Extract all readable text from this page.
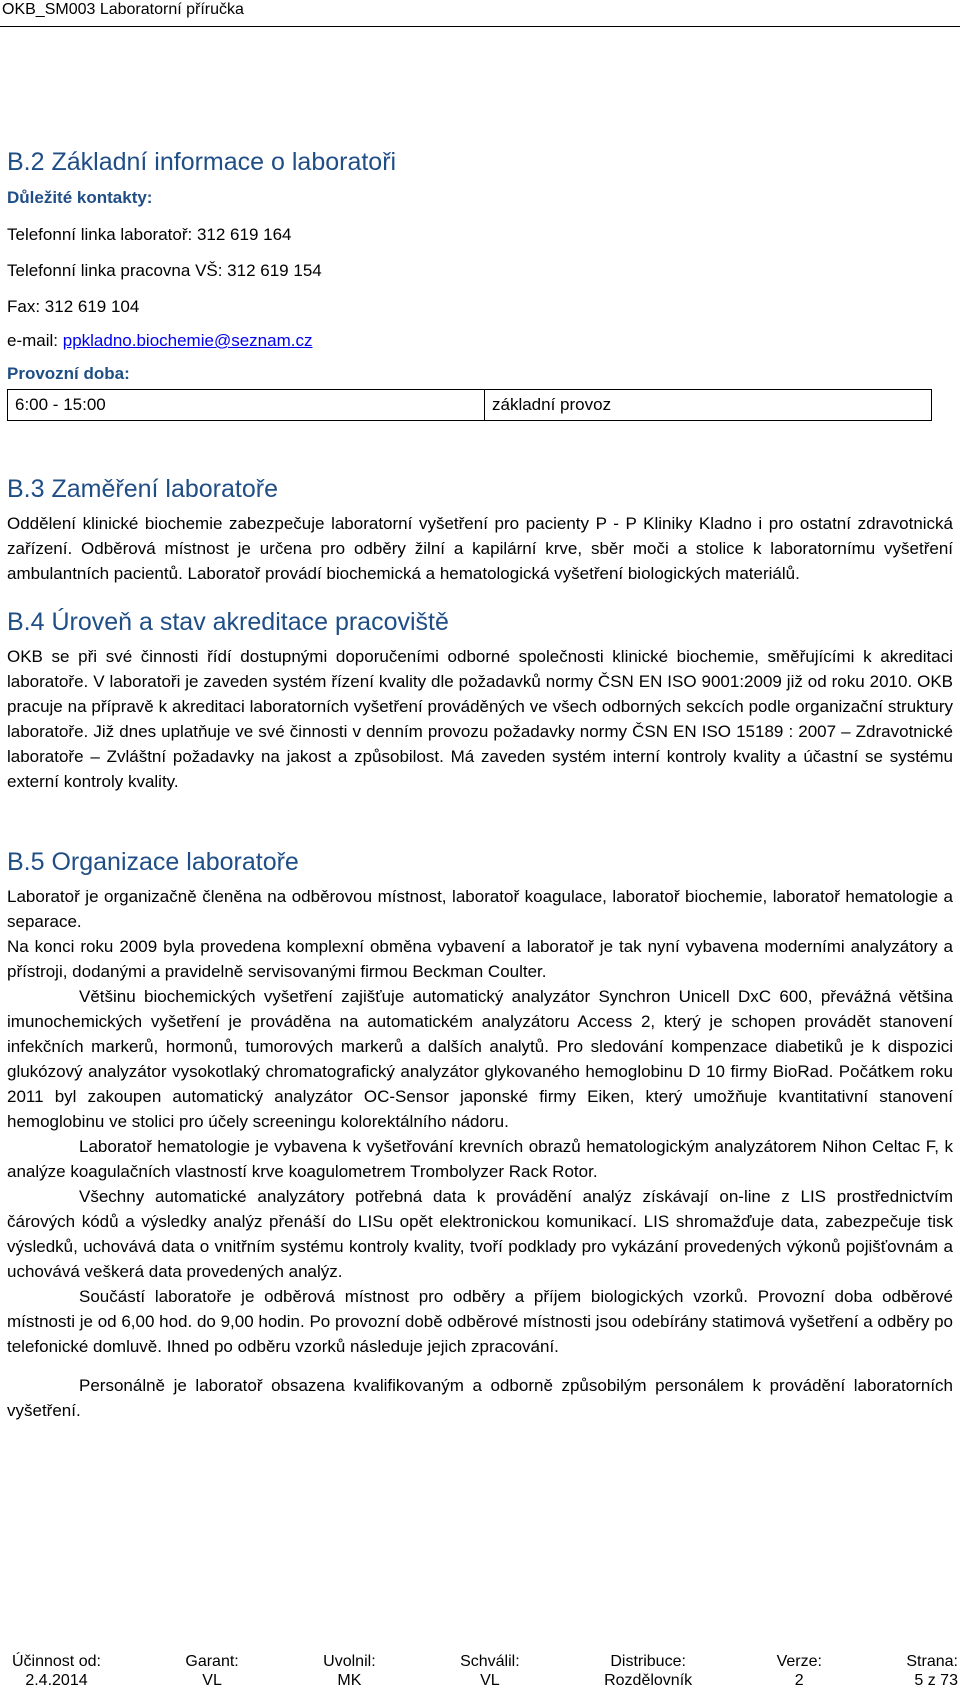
OKB_SM003 Laboratorní příručka
B.2 Základní informace o laboratoři
Důležité kontakty:
Telefonní linka laboratoř: 312 619 164
Telefonní linka pracovna VŠ: 312 619 154
Fax: 312 619 104
e-mail: ppkladno.biochemie@seznam.cz
Provozní doba:
6:00 - 15:00	základní provoz
B.3 Zaměření laboratoře

Oddělení klinické biochemie zabezpečuje laboratorní vyšetření pro pacienty P - P Kliniky Kladno i pro ostatní zdravotnická zařízení. Odběrová místnost je určena pro odběry žilní a kapilární krve, sběr moči a stolice k laboratornímu vyšetření ambulantních pacientů. Laboratoř provádí biochemická a hematologická vyšetření biologických materiálů.

B.4 Úroveň a stav akreditace pracoviště

OKB se při své činnosti řídí dostupnými doporučeními odborné společnosti klinické biochemie, směřujícími k akreditaci laboratoře. V laboratoři je zaveden systém řízení kvality dle požadavků normy ČSN EN ISO 9001:2009 již od roku 2010. OKB pracuje na přípravě k akreditaci laboratorních vyšetření prováděných ve všech odborných sekcích podle organizační struktury laboratoře. Již dnes uplatňuje ve své činnosti v denním provozu požadavky normy ČSN EN ISO 15189 : 2007 – Zdravotnické laboratoře – Zvláštní požadavky na jakost a způsobilost. Má zaveden systém interní kontroly kvality a účastní se systému externí kontroly kvality.

B.5 Organizace laboratoře

Laboratoř je organizačně členěna na odběrovou místnost, laboratoř koagulace, laboratoř biochemie, laboratoř hematologie a separace.

Na konci roku 2009 byla provedena komplexní obměna vybavení a laboratoř je tak nyní vybavena moderními analyzátory a přístroji, dodanými a pravidelně servisovanými firmou Beckman Coulter.

Většinu biochemických vyšetření zajišťuje automatický analyzátor Synchron Unicell DxC 600, převážná většina imunochemických vyšetření je prováděna na automatickém analyzátoru Access 2, který je schopen provádět stanovení infekčních markerů, hormonů, tumorových markerů a dalších analytů. Pro sledování kompenzace diabetiků je k dispozici glukózový analyzátor vysokotlaký chromatografický analyzátor glykovaného hemoglobinu D 10 firmy BioRad. Počátkem roku 2011 byl zakoupen automatický analyzátor OC-Sensor japonské firmy Eiken, který umožňuje kvantitativní stanovení hemoglobinu ve stolici pro účely screeningu kolorektálního nádoru.

Laboratoř hematologie je vybavena k vyšetřování krevních obrazů hematologickým analyzátorem Nihon Celtac F, k analýze koagulačních vlastností krve koagulometrem Trombolyzer Rack Rotor.

Všechny automatické analyzátory potřebná data k provádění analýz získávají on-line z LIS prostřednictvím čárových kódů a výsledky analýz přenáší do LISu opět elektronickou komunikací. LIS shromažďuje data, zabezpečuje tisk výsledků, uchovává data o vnitřním systému kontroly kvality, tvoří podklady pro vykázání provedených výkonů pojišťovnám a uchovává veškerá data provedených analýz.

Součástí laboratoře je odběrová místnost pro odběry a příjem biologických vzorků. Provozní doba odběrové místnosti je od 6,00 hod. do 9,00 hodin. Po provozní době odběrové místnosti jsou odebírány statimová vyšetření a odběry po telefonické domluvě. Ihned po odběru vzorků následuje jejich zpracování.

Personálně je laboratoř obsazena kvalifikovaným a odborně způsobilým personálem k provádění laboratorních vyšetření.

Účinnost od:
2.4.2014
Garant:
VL
Uvolnil:
MK
Schválil:
VL
Distribuce:
Rozdělovník
Verze:
2
Strana:
5 z 73
